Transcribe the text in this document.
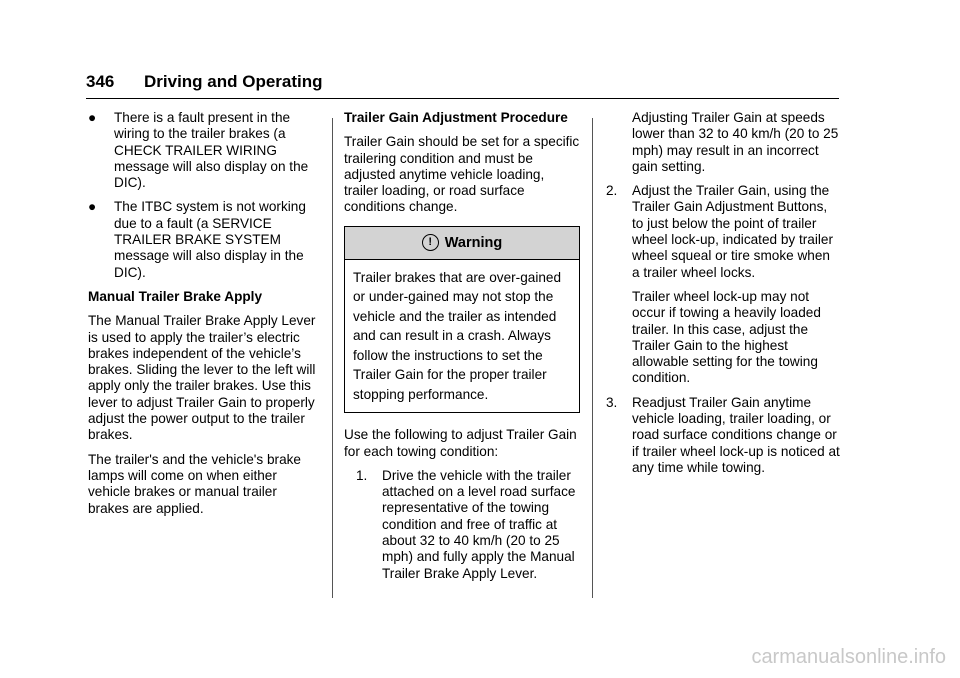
346 Driving and Operating
●	There is a fault present in the wiring to the trailer brakes (a CHECK TRAILER WIRING message will also display on the DIC).
●	The ITBC system is not working due to a fault (a SERVICE TRAILER BRAKE SYSTEM message will also display in the DIC).
Manual Trailer Brake Apply

The Manual Trailer Brake Apply Lever is used to apply the trailer’s electric brakes independent of the vehicle’s brakes. Sliding the lever to the left will apply only the trailer brakes. Use this lever to adjust Trailer Gain to properly adjust the power output to the trailer brakes.

The trailer's and the vehicle's brake lamps will come on when either vehicle brakes or manual trailer brakes are applied.

Trailer Gain Adjustment Procedure

Trailer Gain should be set for a specific trailering condition and must be adjusted anytime vehicle loading, trailer loading, or road surface conditions change.

! Warning
Trailer brakes that are over-gained or under-gained may not stop the vehicle and the trailer as intended and can result in a crash. Always follow the instructions to set the Trailer Gain for the proper trailer stopping performance.

Use the following to adjust Trailer Gain for each towing condition:

1.	Drive the vehicle with the trailer attached on a level road surface representative of the towing condition and free of traffic at about 32 to 40 km/h (20 to 25 mph) and fully apply the Manual Trailer Brake Apply Lever.

Adjusting Trailer Gain at speeds lower than 32 to 40 km/h (20 to 25 mph) may result in an incorrect gain setting.

2.	Adjust the Trailer Gain, using the Trailer Gain Adjustment Buttons, to just below the point of trailer wheel lock-up, indicated by trailer wheel squeal or tire smoke when a trailer wheel locks.

Trailer wheel lock-up may not occur if towing a heavily loaded trailer. In this case, adjust the Trailer Gain to the highest allowable setting for the towing condition.

3.	Readjust Trailer Gain anytime vehicle loading, trailer loading, or road surface conditions change or if trailer wheel lock-up is noticed at any time while towing.
carmanualsonline.info
